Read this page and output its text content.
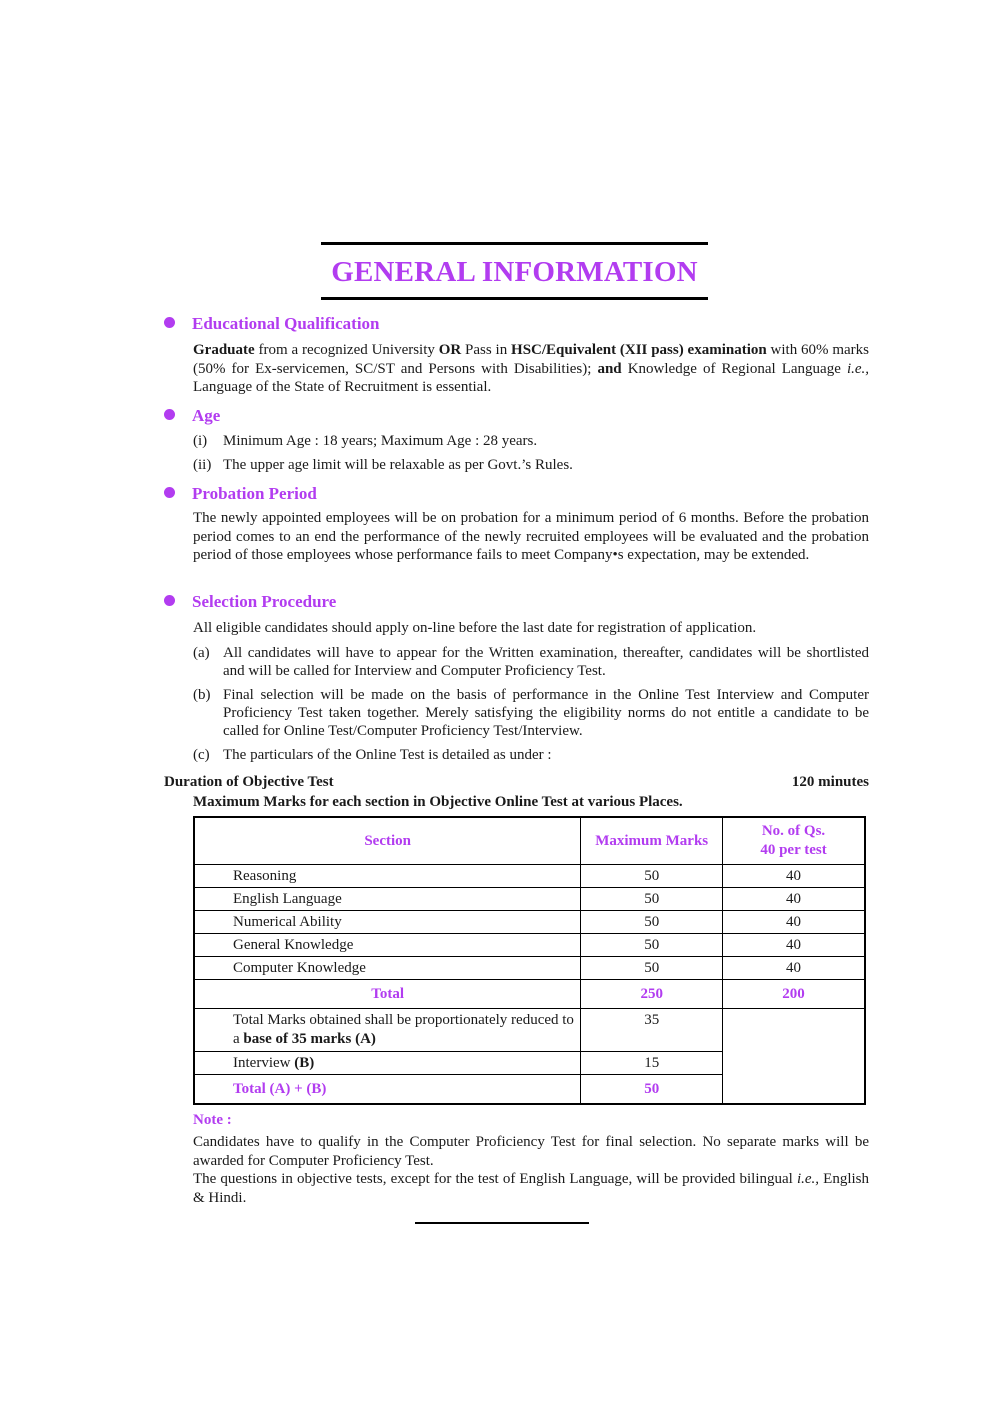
GENERAL INFORMATION
Educational Qualification
Graduate from a recognized University OR Pass in HSC/Equivalent (XII pass) examination with 60% marks (50% for Ex-servicemen, SC/ST and Persons with Disabilities); and Knowledge of Regional Language i.e., Language of the State of Recruitment is essential.
Age
(i) Minimum Age : 18 years; Maximum Age : 28 years.
(ii) The upper age limit will be relaxable as per Govt.’s Rules.
Probation Period
The newly appointed employees will be on probation for a minimum period of 6 months. Before the probation period comes to an end the performance of the newly recruited employees will be evaluated and the probation period of those employees whose performance fails to meet Company•s expectation, may be extended.
Selection Procedure
All eligible candidates should apply on-line before the last date for registration of application.
(a) All candidates will have to appear for the Written examination, thereafter, candidates will be shortlisted and will be called for Interview and Computer Proficiency Test.
(b) Final selection will be made on the basis of performance in the Online Test Interview and Computer Proficiency Test taken together. Merely satisfying the eligibility norms do not entitle a candidate to be called for Online Test/Computer Proficiency Test/Interview.
(c) The particulars of the Online Test is detailed as under :
Duration of Objective Test	120 minutes
Maximum Marks for each section in Objective Online Test at various Places.
Section	Maximum Marks	No. of Qs.
40 per test
Reasoning	50	40
English Language	50	40
Numerical Ability	50	40
General Knowledge	50	40
Computer Knowledge	50	40
Total	250	200
Total Marks obtained shall be proportionately reduced to a base of 35 marks (A)	35	
Interview (B)	15	
Total (A) + (B)	50	
Note :
Candidates have to qualify in the Computer Proficiency Test for final selection. No separate marks will be awarded for Computer Proficiency Test.
The questions in objective tests, except for the test of English Language, will be provided bilingual i.e., English & Hindi.
